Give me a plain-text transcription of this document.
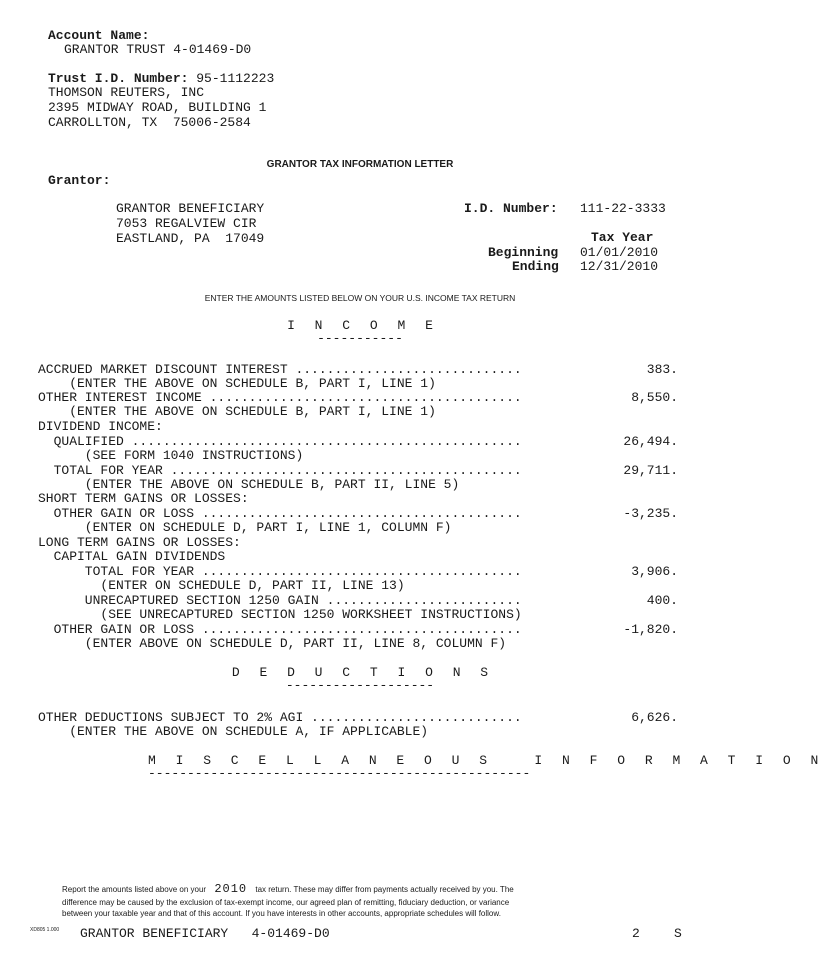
Account Name:
GRANTOR TRUST 4-01469-D0
Trust I.D. Number: 95-1112223
THOMSON REUTERS, INC
2395 MIDWAY ROAD, BUILDING 1
CARROLLTON, TX  75006-2584
GRANTOR TAX INFORMATION LETTER
Grantor:
GRANTOR BENEFICIARY
7053 REGALVIEW CIR
EASTLAND, PA  17049
I.D. Number: 111-22-3333
Tax Year
Beginning 01/01/2010
Ending 12/31/2010
ENTER THE AMOUNTS LISTED BELOW ON YOUR U.S. INCOME TAX RETURN
I N C O M E
-----------
ACCRUED MARKET DISCOUNT INTEREST .............................	383.
(ENTER THE ABOVE ON SCHEDULE B, PART I, LINE 1)
OTHER INTEREST INCOME ........................................	8,550.
(ENTER THE ABOVE ON SCHEDULE B, PART I, LINE 1)
DIVIDEND INCOME:
QUALIFIED ..................................................	26,494.
(SEE FORM 1040 INSTRUCTIONS)
TOTAL FOR YEAR .............................................	29,711.
(ENTER THE ABOVE ON SCHEDULE B, PART II, LINE 5)
SHORT TERM GAINS OR LOSSES:
OTHER GAIN OR LOSS .........................................	-3,235.
(ENTER ON SCHEDULE D, PART I, LINE 1, COLUMN F)
LONG TERM GAINS OR LOSSES:
CAPITAL GAIN DIVIDENDS
TOTAL FOR YEAR .........................................	3,906.
(ENTER ON SCHEDULE D, PART II, LINE 13)
UNRECAPTURED SECTION 1250 GAIN .........................	400.
(SEE UNRECAPTURED SECTION 1250 WORKSHEET INSTRUCTIONS)
OTHER GAIN OR LOSS .........................................	-1,820.
(ENTER ABOVE ON SCHEDULE D, PART II, LINE 8, COLUMN F)
D E D U C T I O N S
-------------------
OTHER DEDUCTIONS SUBJECT TO 2% AGI ...........................	6,626.
(ENTER THE ABOVE ON SCHEDULE A, IF APPLICABLE)
M I S C E L L A N E O U S   I N F O R M A T I O N
-------------------------------------------------
Report the amounts listed above on your 2010 tax return. These may differ from payments actually received by you. The
difference may be caused by the exclusion of tax-exempt income, our agreed plan of remitting, fiduciary deduction, or variance
between your taxable year and that of this account. If you have interests in other accounts, appropriate schedules will follow.
XD805 1.000 GRANTOR BENEFICIARY   4-01469-D0	2	S
